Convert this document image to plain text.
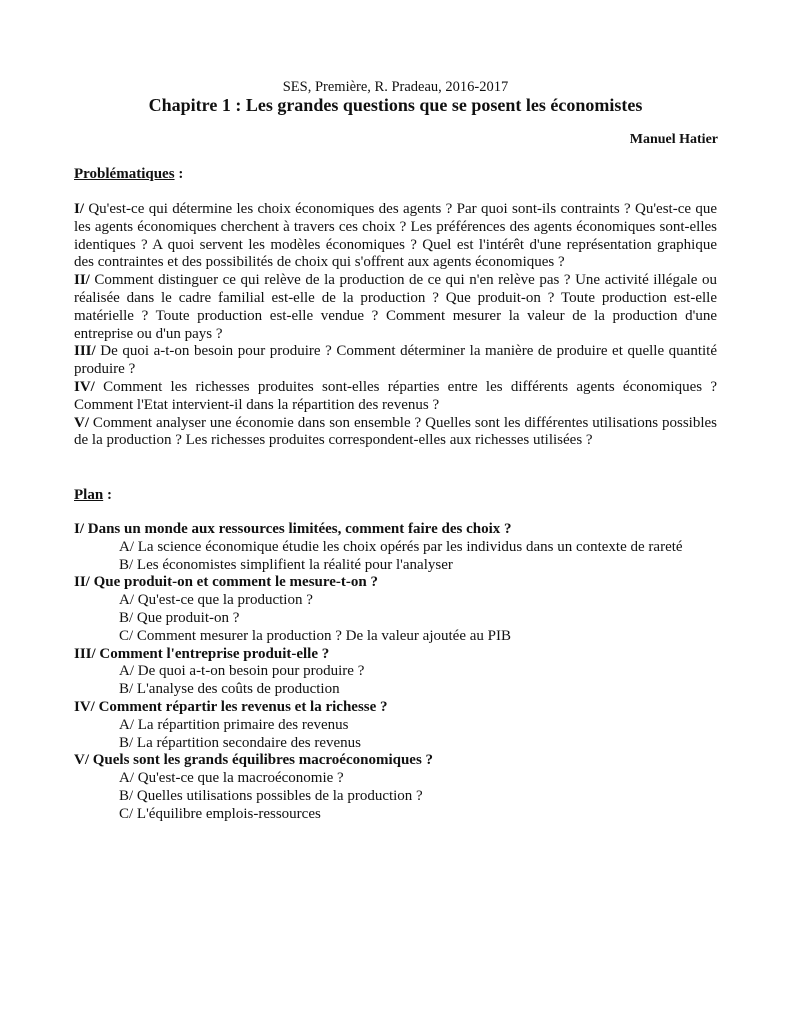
SES, Première, R. Pradeau, 2016-2017
Chapitre 1 : Les grandes questions que se posent les économistes
Manuel Hatier
Problématiques :

I/ Qu'est-ce qui détermine les choix économiques des agents ? Par quoi sont-ils contraints ? Qu'est-ce que les agents économiques cherchent à travers ces choix ? Les préférences des agents économiques sont-elles identiques ? A quoi servent les modèles économiques ? Quel est l'intérêt d'une représentation graphique des contraintes et des possibilités de choix qui s'offrent aux agents économiques ?

II/ Comment distinguer ce qui relève de la production de ce qui n'en relève pas ? Une activité illégale ou réalisée dans le cadre familial est-elle de la production ? Que produit-on ? Toute production est-elle matérielle ? Toute production est-elle vendue ? Comment mesurer la valeur de la production d'une entreprise ou d'un pays ?

III/ De quoi a-t-on besoin pour produire ? Comment déterminer la manière de produire et quelle quantité produire ?

IV/ Comment les richesses produites sont-elles réparties entre les différents agents économiques ? Comment l'Etat intervient-il dans la répartition des revenus ?

V/ Comment analyser une économie dans son ensemble ? Quelles sont les différentes utilisations possibles de la production ? Les richesses produites correspondent-elles aux richesses utilisées ?

Plan :

I/ Dans un monde aux ressources limitées, comment faire des choix ?

A/ La science économique étudie les choix opérés par les individus dans un contexte de rareté

B/ Les économistes simplifient la réalité pour l'analyser

II/ Que produit-on et comment le mesure-t-on ?

A/ Qu'est-ce que la production ?

B/ Que produit-on ?

C/ Comment mesurer la production ? De la valeur ajoutée au PIB

III/ Comment l'entreprise produit-elle ?

A/ De quoi a-t-on besoin pour produire ?

B/ L'analyse des coûts de production

IV/ Comment répartir les revenus et la richesse ?

A/ La répartition primaire des revenus

B/ La répartition secondaire des revenus

V/ Quels sont les grands équilibres macroéconomiques ?

A/ Qu'est-ce que la macroéconomie ?

B/ Quelles utilisations possibles de la production ?

C/ L'équilibre emplois-ressources
